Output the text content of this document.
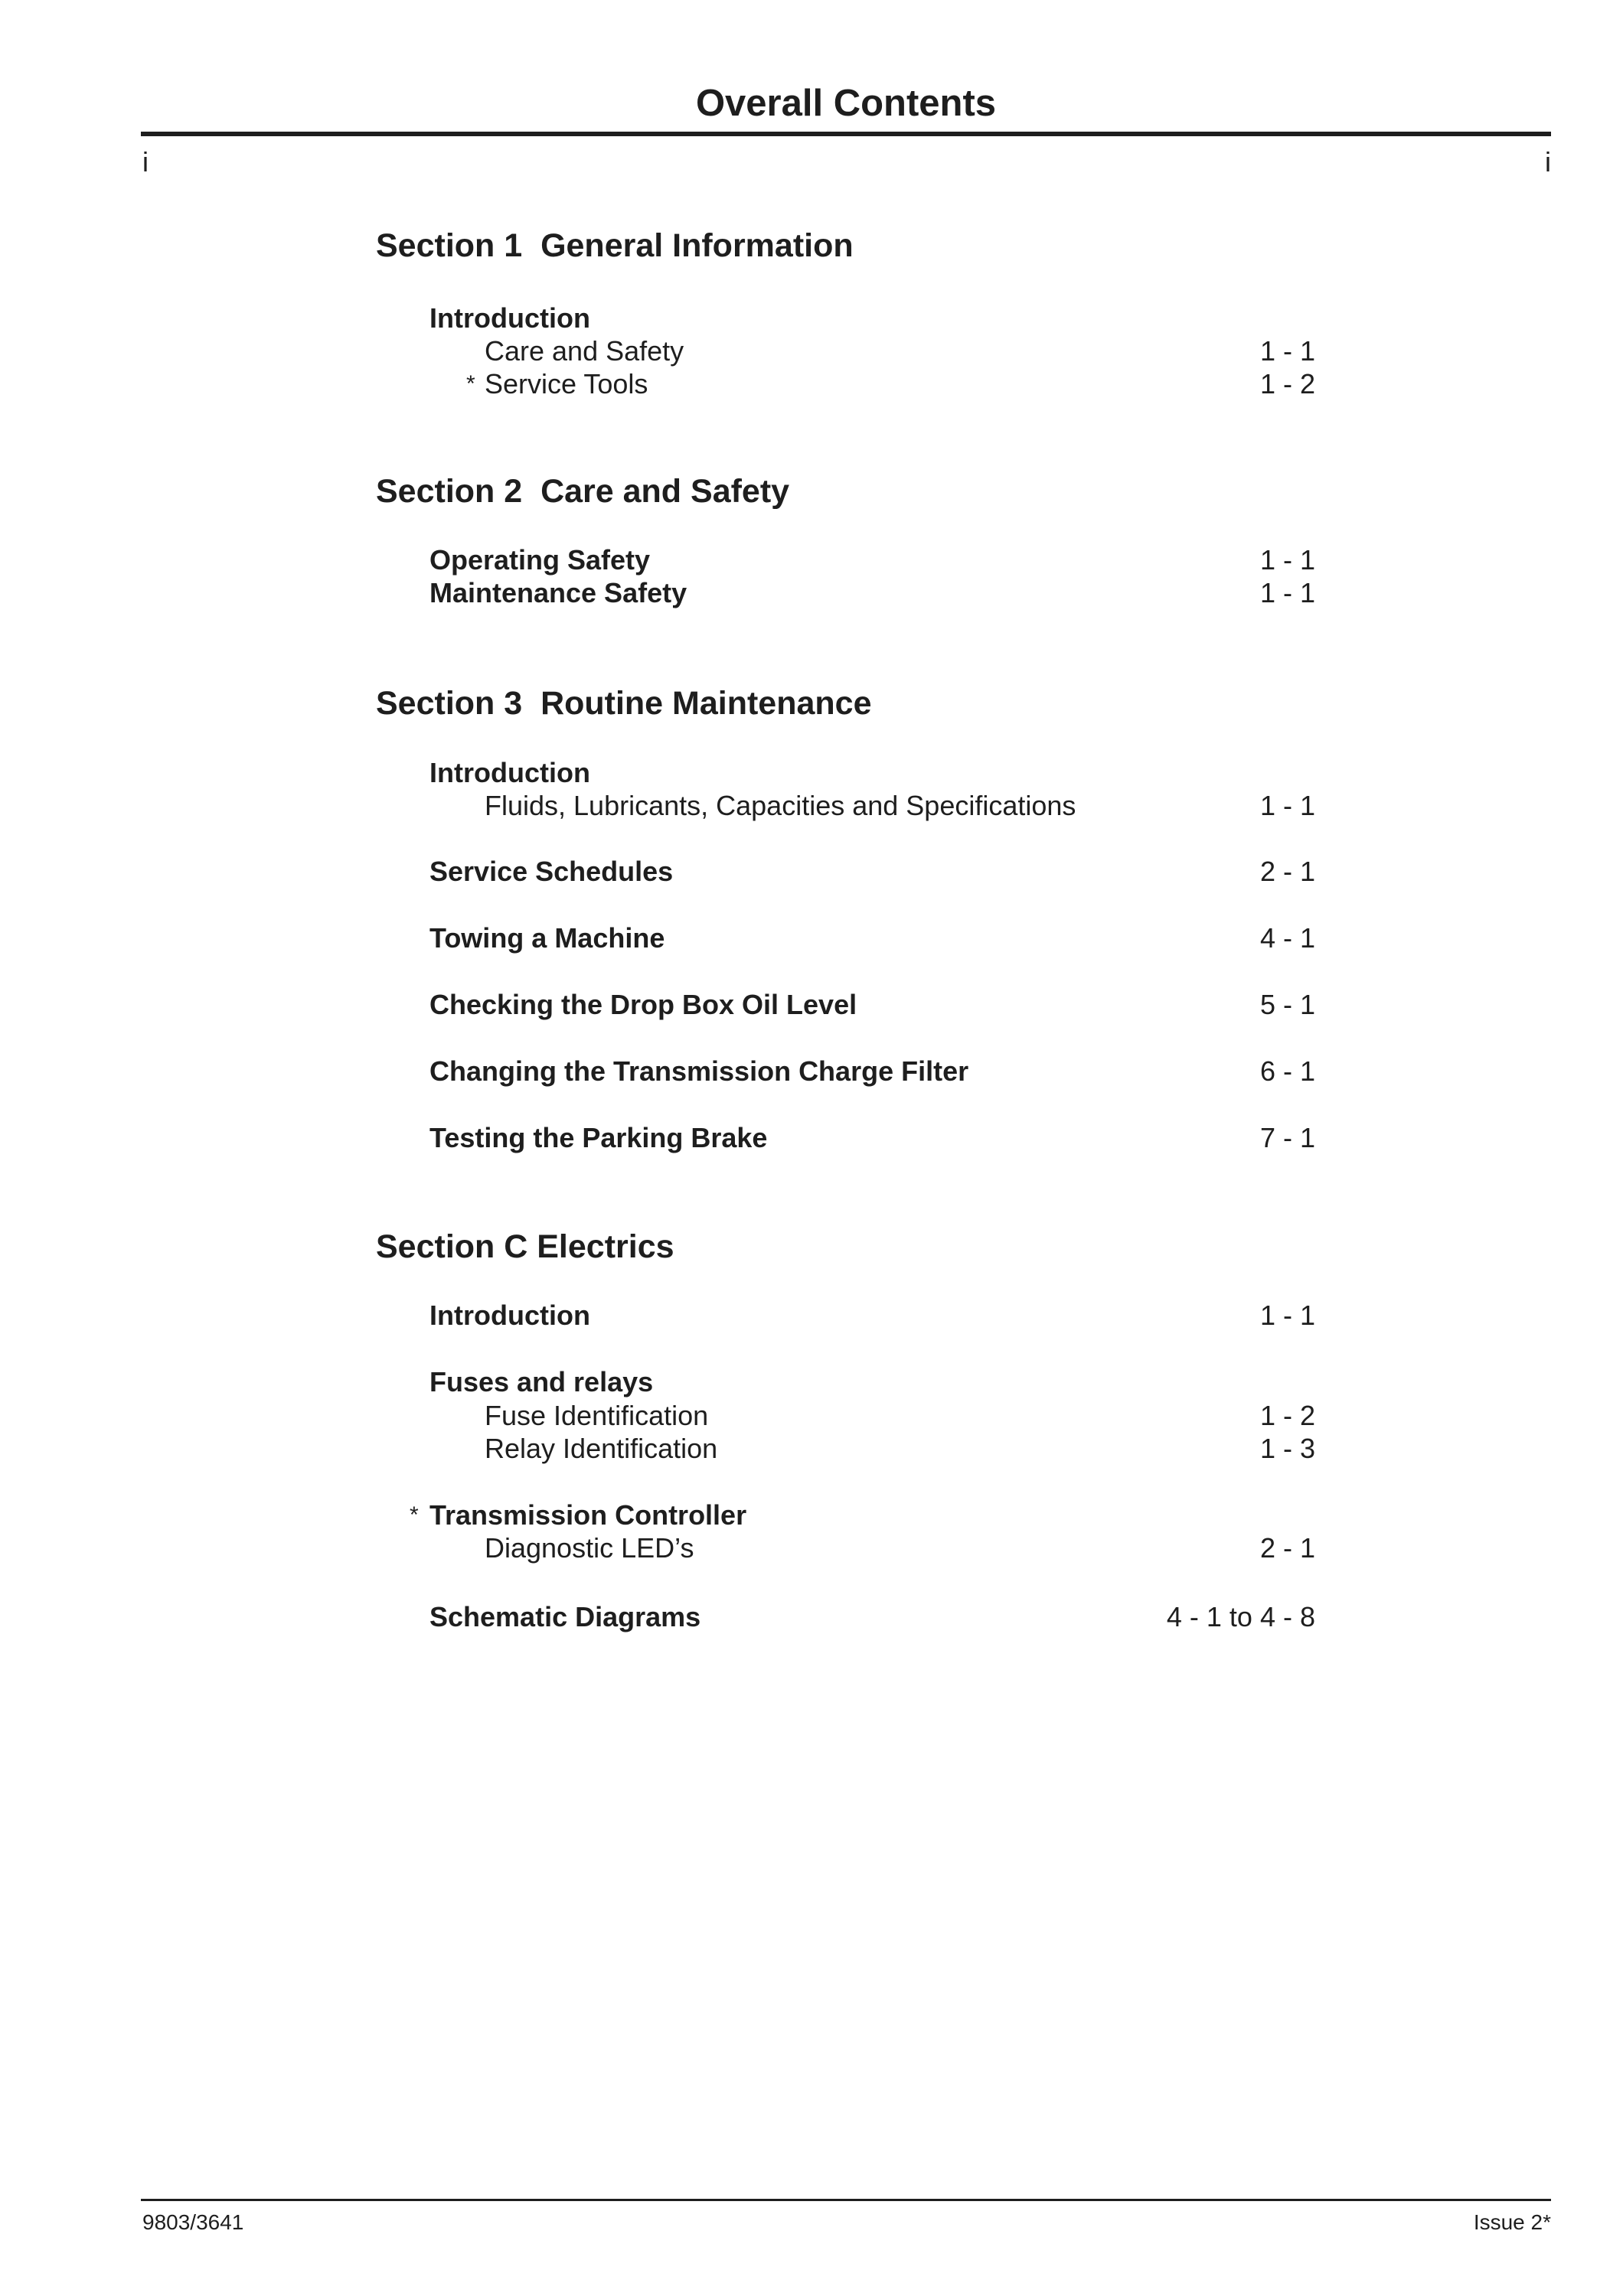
Overall Contents
i	i
Section 1  General Information
Introduction
Care and Safety	1 - 1
* Service Tools	1 - 2
Section 2  Care and Safety
Operating Safety	1 - 1
Maintenance Safety	1 - 1
Section 3  Routine Maintenance
Introduction
Fluids, Lubricants, Capacities and Specifications	1 - 1
Service Schedules	2 - 1
Towing a Machine	4 - 1
Checking the Drop Box Oil Level	5 - 1
Changing the Transmission Charge Filter	6 - 1
Testing the Parking Brake	7 - 1
Section C Electrics
Introduction	1 - 1
Fuses and relays
Fuse Identification	1 - 2
Relay Identification	1 - 3
* Transmission Controller
Diagnostic LED’s	2 - 1
Schematic Diagrams	4 - 1 to 4 - 8
9803/3641	Issue 2*
